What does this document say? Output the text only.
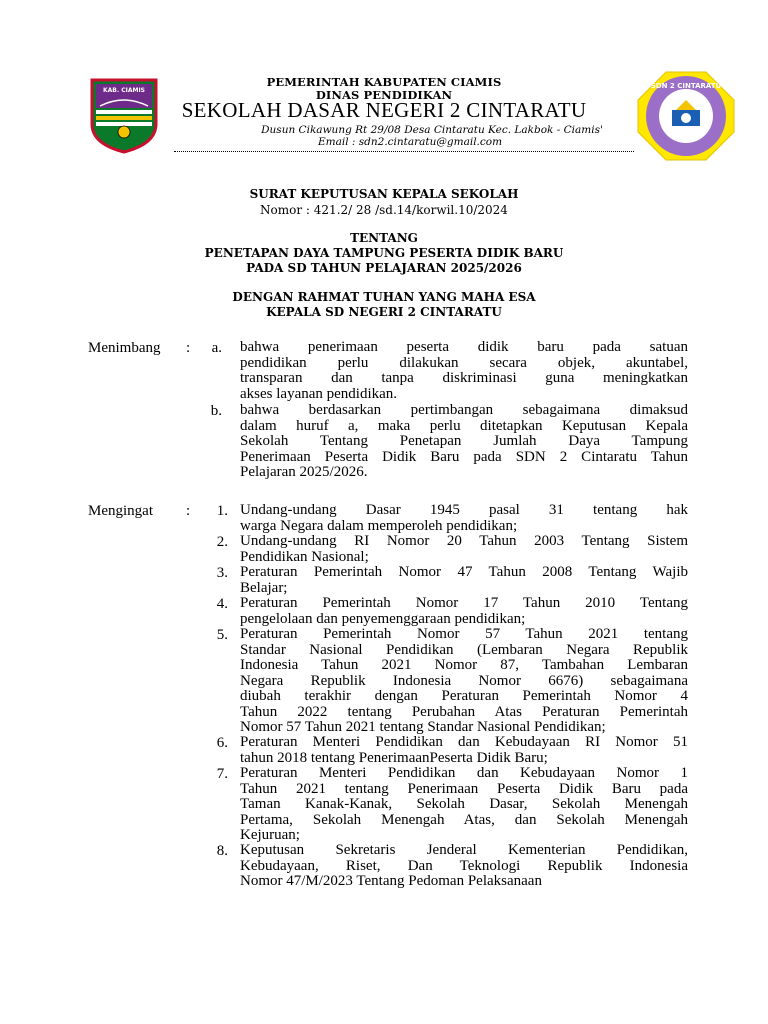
KAB. CIAMIS
SDN 2 CINTARATU
PEMERINTAH KABUPATEN CIAMIS
DINAS PENDIDIKAN
SEKOLAH DASAR NEGERI 2 CINTARATU
Dusun Cikawung Rt 29/08 Desa Cintaratu Kec. Lakbok - Ciamis'
Email : sdn2.cintaratu@gmail.com
SURAT KEPUTUSAN KEPALA SEKOLAH
Nomor : 421.2/ 28 /sd.14/korwil.10/2024
TENTANG
PENETAPAN DAYA TAMPUNG PESERTA DIDIK BARU
PADA SD TAHUN PELAJARAN 2025/2026
DENGAN RAHMAT TUHAN YANG MAHA ESA
KEPALA SD NEGERI 2 CINTARATU
Menimbang :	a. bahwa penerimaan peserta didik baru pada satuan
pendidikan perlu dilakukan secara objek, akuntabel,
transparan dan tanpa diskriminasi guna meningkatkan
akses layanan pendidikan.
b. bahwa berdasarkan pertimbangan sebagaimana dimaksud
dalam huruf a, maka perlu ditetapkan Keputusan Kepala
Sekolah Tentang Penetapan Jumlah Daya Tampung
Penerimaan Peserta Didik Baru pada SDN 2 Cintaratu Tahun
Pelajaran 2025/2026.
Mengingat :	1. Undang-undang Dasar 1945 pasal 31 tentang hak
warga Negara dalam memperoleh pendidikan;
2. Undang-undang RI Nomor 20 Tahun 2003 Tentang Sistem
Pendidikan Nasional;
3. Peraturan Pemerintah Nomor 47 Tahun 2008 Tentang Wajib
Belajar;
4. Peraturan Pemerintah Nomor 17 Tahun 2010 Tentang
pengelolaan dan penyemenggaraan pendidikan;
5. Peraturan Pemerintah Nomor 57 Tahun 2021 tentang
Standar Nasional Pendidikan (Lembaran Negara Republik
Indonesia Tahun 2021 Nomor 87, Tambahan Lembaran
Negara Republik Indonesia Nomor 6676) sebagaimana
diubah terakhir dengan Peraturan Pemerintah Nomor 4
Tahun 2022 tentang Perubahan Atas Peraturan Pemerintah
Nomor 57 Tahun 2021 tentang Standar Nasional Pendidikan;
6. Peraturan Menteri Pendidikan dan Kebudayaan RI Nomor 51
tahun 2018 tentang PenerimaanPeserta Didik Baru;
7. Peraturan Menteri Pendidikan dan Kebudayaan Nomor 1
Tahun 2021 tentang Penerimaan Peserta Didik Baru pada
Taman Kanak-Kanak, Sekolah Dasar, Sekolah Menengah
Pertama, Sekolah Menengah Atas, dan Sekolah Menengah
Kejuruan;
8. Keputusan Sekretaris Jenderal Kementerian Pendidikan,
Kebudayaan, Riset, Dan Teknologi Republik Indonesia
Nomor 47/M/2023 Tentang Pedoman Pelaksanaan
